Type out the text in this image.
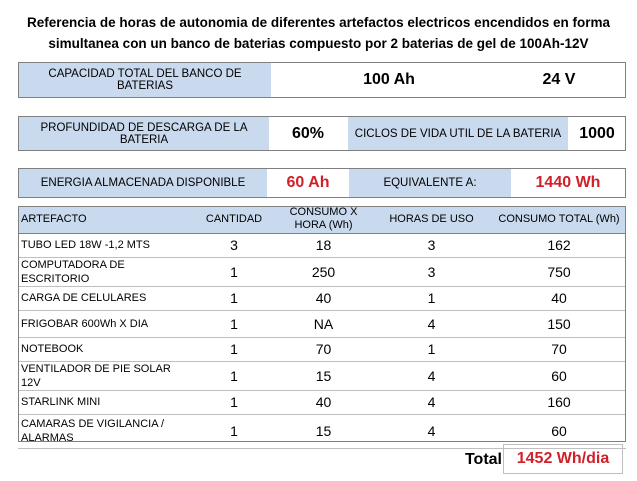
Referencia de horas de autonomia de diferentes artefactos electricos encendidos en forma
simultanea con un banco de baterias compuesto por 2 baterias de gel de 100Ah-12V
CAPACIDAD TOTAL DEL BANCO DE BATERIAS	100 Ah	24 V
PROFUNDIDAD DE DESCARGA DE LA BATERIA	60%	CICLOS DE VIDA UTIL DE LA BATERIA	1000
ENERGIA ALMACENADA DISPONIBLE	60 Ah	EQUIVALENTE A:	1440 Wh
ARTEFACTO	CANTIDAD	CONSUMO X HORA (Wh)	HORAS DE USO	CONSUMO TOTAL (Wh)
TUBO LED 18W -1,2 MTS	3	18	3	162
COMPUTADORA DE ESCRITORIO	1	250	3	750
CARGA DE CELULARES	1	40	1	40
FRIGOBAR 600Wh X DIA	1	NA	4	150
NOTEBOOK	1	70	1	70
VENTILADOR DE PIE SOLAR 12V	1	15	4	60
STARLINK MINI	1	40	4	160
CAMARAS DE VIGILANCIA / ALARMAS	1	15	4	60
Total 1452 Wh/dia
